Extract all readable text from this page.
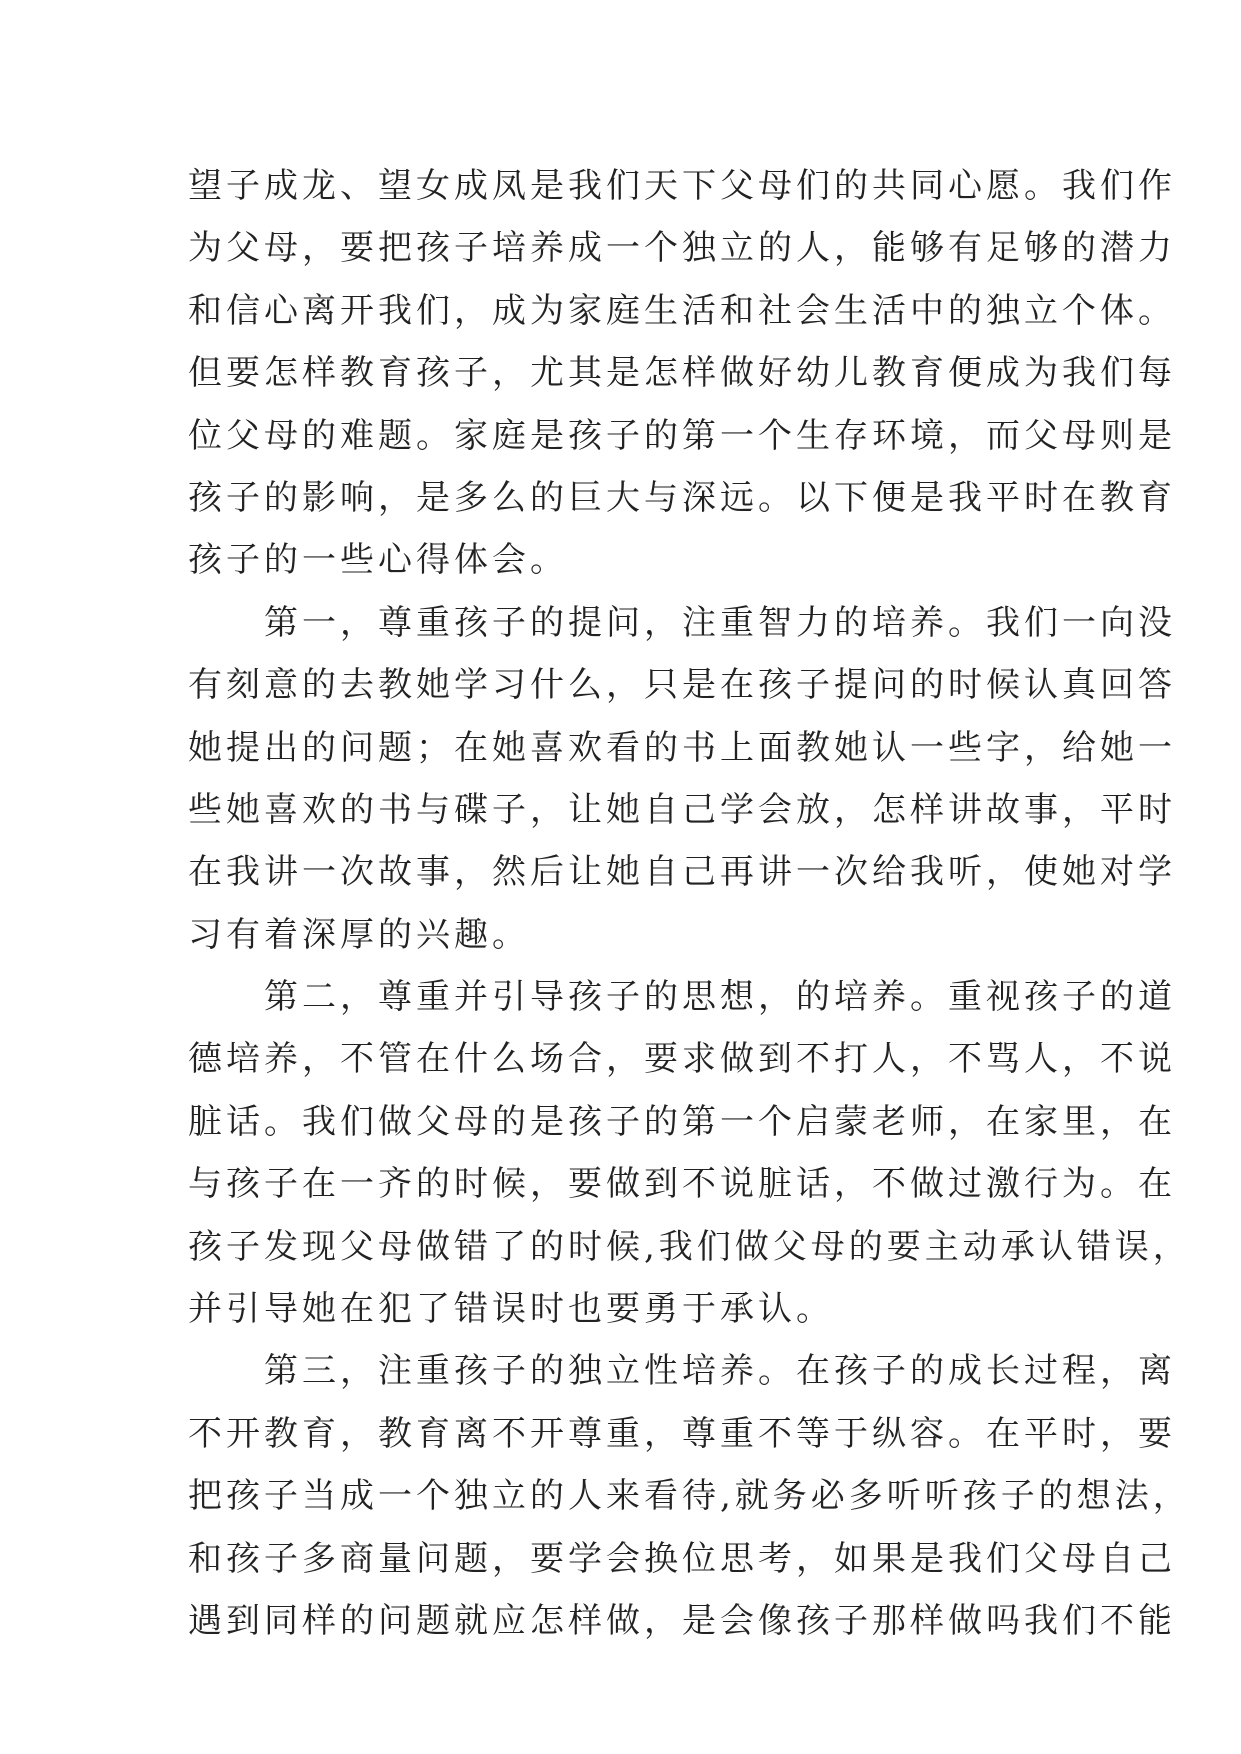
望子成龙、望女成凤是我们天下父母们的共同心愿。我们作
为父母，要把孩子培养成一个独立的人，能够有足够的潜力
和信心离开我们，成为家庭生活和社会生活中的独立个体。
但要怎样教育孩子，尤其是怎样做好幼儿教育便成为我们每
位父母的难题。家庭是孩子的第一个生存环境，而父母则是
孩子的影响，是多么的巨大与深远。以下便是我平时在教育
孩子的一些心得体会。
　　第一，尊重孩子的提问，注重智力的培养。我们一向没
有刻意的去教她学习什么，只是在孩子提问的时候认真回答
她提出的问题；在她喜欢看的书上面教她认一些字，给她一
些她喜欢的书与碟子，让她自己学会放，怎样讲故事，平时
在我讲一次故事，然后让她自己再讲一次给我听，使她对学
习有着深厚的兴趣。
　　第二，尊重并引导孩子的思想，的培养。重视孩子的道
德培养，不管在什么场合，要求做到不打人，不骂人，不说
脏话。我们做父母的是孩子的第一个启蒙老师，在家里，在
与孩子在一齐的时候，要做到不说脏话，不做过激行为。在
孩子发现父母做错了的时候,我们做父母的要主动承认错误，
并引导她在犯了错误时也要勇于承认。
　　第三，注重孩子的独立性培养。在孩子的成长过程，离
不开教育，教育离不开尊重，尊重不等于纵容。在平时，要
把孩子当成一个独立的人来看待,就务必多听听孩子的想法，
和孩子多商量问题，要学会换位思考，如果是我们父母自己
遇到同样的问题就应怎样做，是会像孩子那样做吗我们不能
